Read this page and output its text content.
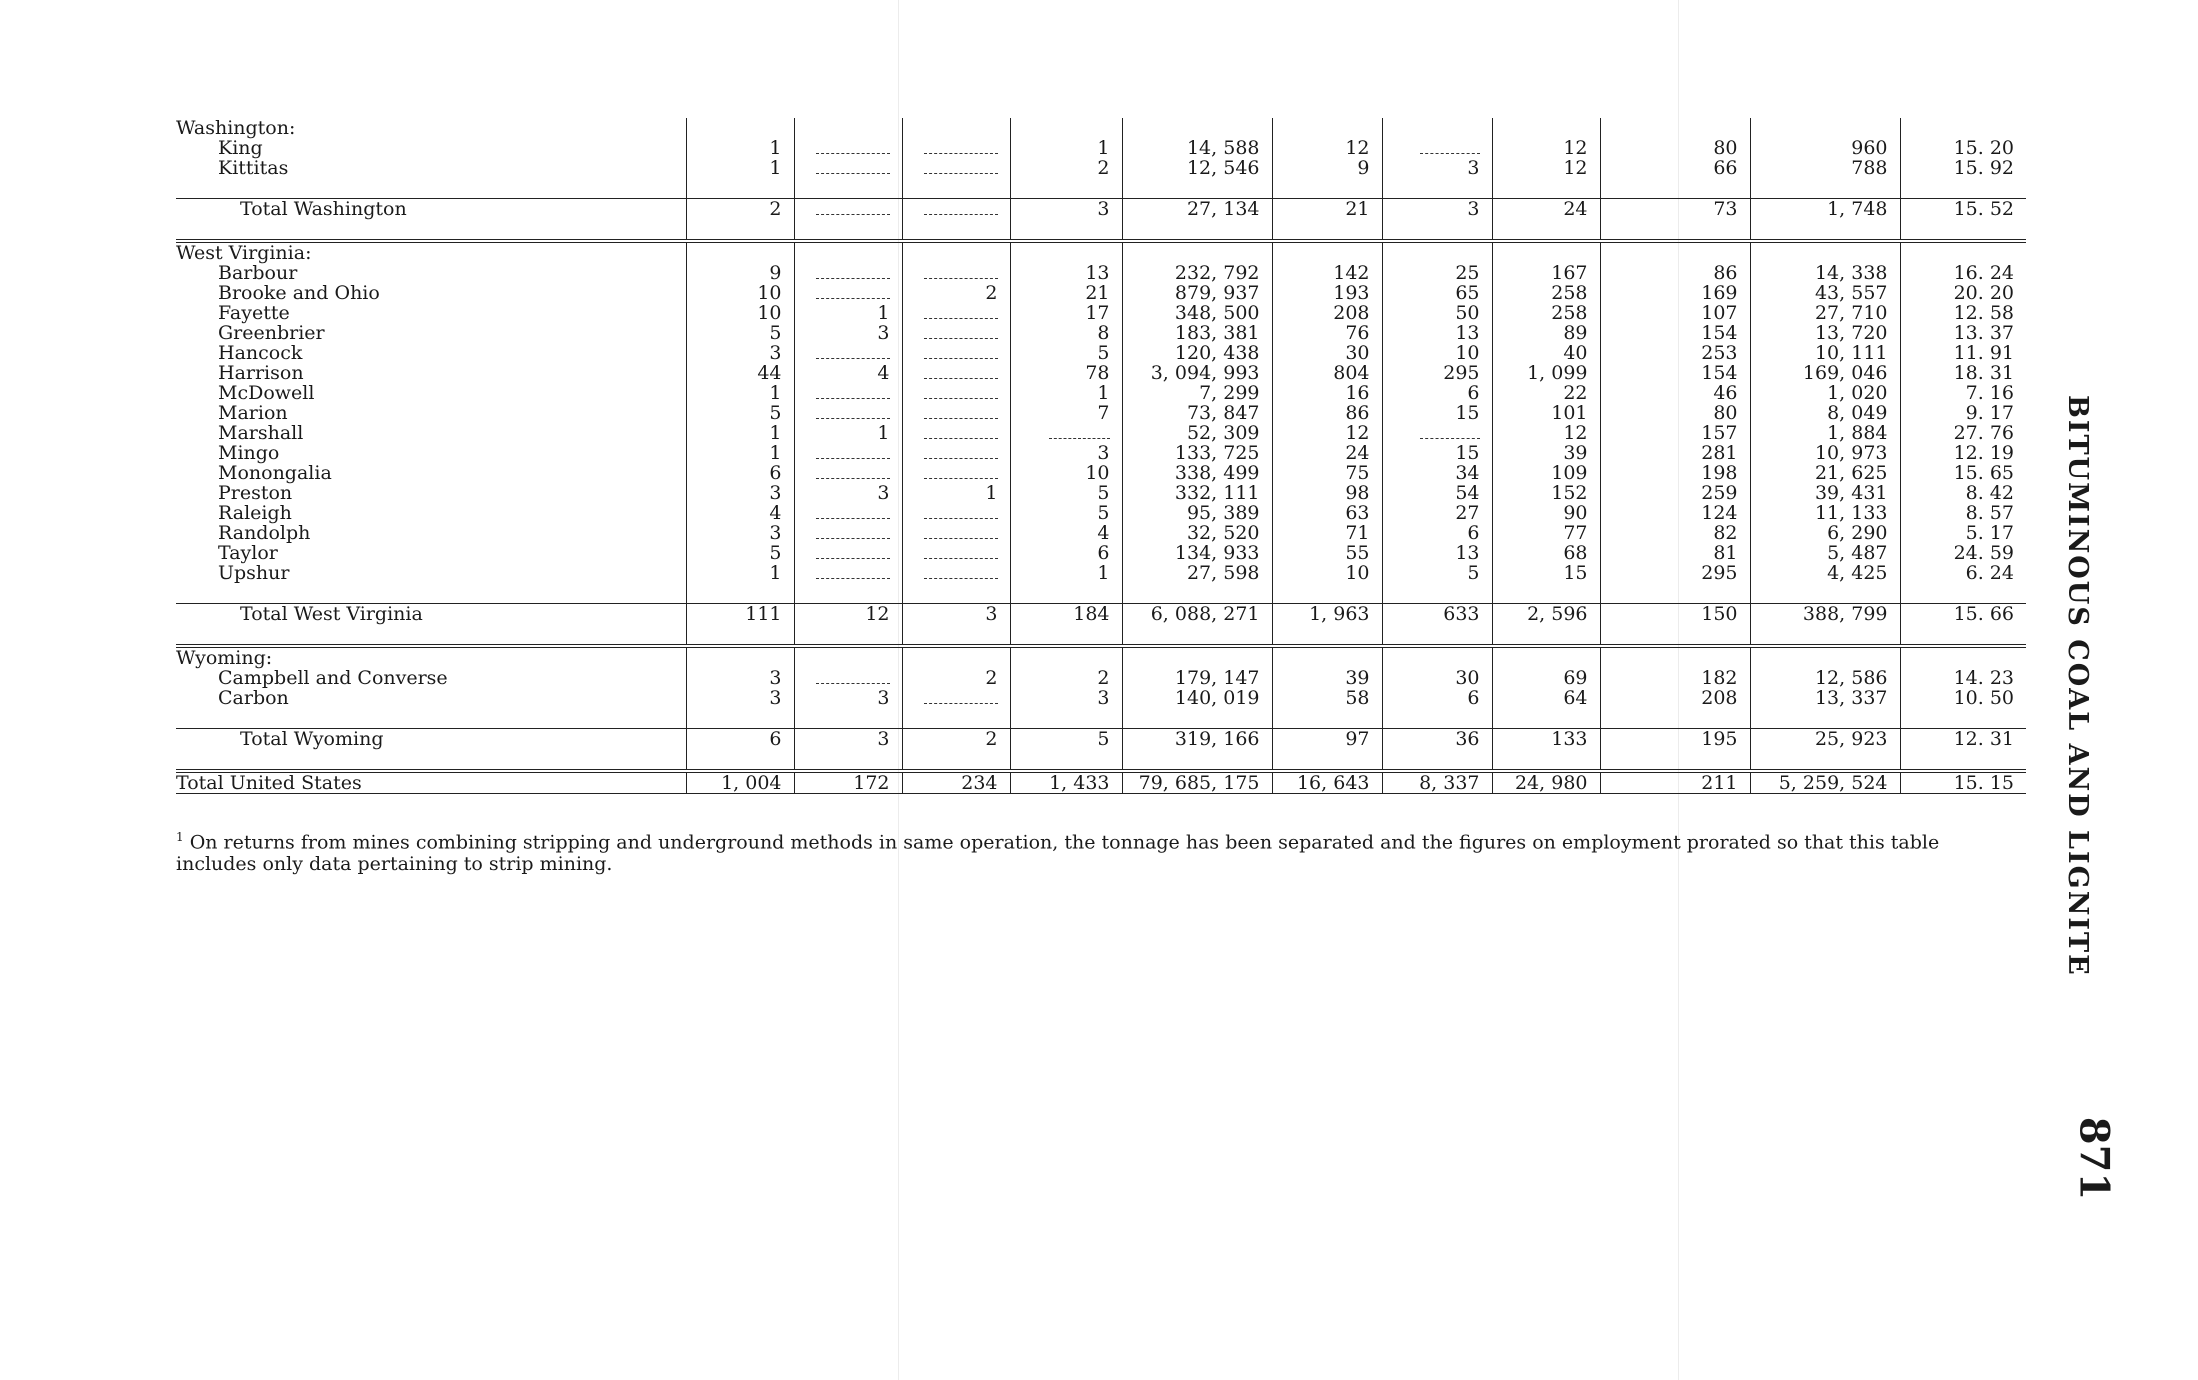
Washington:											
King	1			1	14, 588	12		12	80	960	15. 20
Kittitas	1			2	12, 546	9	3	12	66	788	15. 92

Total Washington	2			3	27, 134	21	3	24	73	1, 748	15. 52

West Virginia:											
Barbour	9			13	232, 792	142	25	167	86	14, 338	16. 24
Brooke and Ohio	10		2	21	879, 937	193	65	258	169	43, 557	20. 20
Fayette	10	1		17	348, 500	208	50	258	107	27, 710	12. 58
Greenbrier	5	3		8	183, 381	76	13	89	154	13, 720	13. 37
Hancock	3			5	120, 438	30	10	40	253	10, 111	11. 91
Harrison	44	4		78	3, 094, 993	804	295	1, 099	154	169, 046	18. 31
McDowell	1			1	7, 299	16	6	22	46	1, 020	7. 16
Marion	5			7	73, 847	86	15	101	80	8, 049	9. 17
Marshall	1	1			52, 309	12		12	157	1, 884	27. 76
Mingo	1			3	133, 725	24	15	39	281	10, 973	12. 19
Monongalia	6			10	338, 499	75	34	109	198	21, 625	15. 65
Preston	3	3	1	5	332, 111	98	54	152	259	39, 431	8. 42
Raleigh	4			5	95, 389	63	27	90	124	11, 133	8. 57
Randolph	3			4	32, 520	71	6	77	82	6, 290	5. 17
Taylor	5			6	134, 933	55	13	68	81	5, 487	24. 59
Upshur	1			1	27, 598	10	5	15	295	4, 425	6. 24

Total West Virginia	111	12	3	184	6, 088, 271	1, 963	633	2, 596	150	388, 799	15. 66

Wyoming:											
Campbell and Converse	3		2	2	179, 147	39	30	69	182	12, 586	14. 23
Carbon	3	3		3	140, 019	58	6	64	208	13, 337	10. 50

Total Wyoming	6	3	2	5	319, 166	97	36	133	195	25, 923	12. 31

Total United States	1, 004	172	234	1, 433	79, 685, 175	16, 643	8, 337	24, 980	211	5, 259, 524	15. 15
$^1$ On returns from mines combining stripping and underground methods in same operation, the tonnage has been separated and the figures on employment prorated so that this table includes only data pertaining to strip mining.	BITUMINOUS COAL AND LIGNITE
871
